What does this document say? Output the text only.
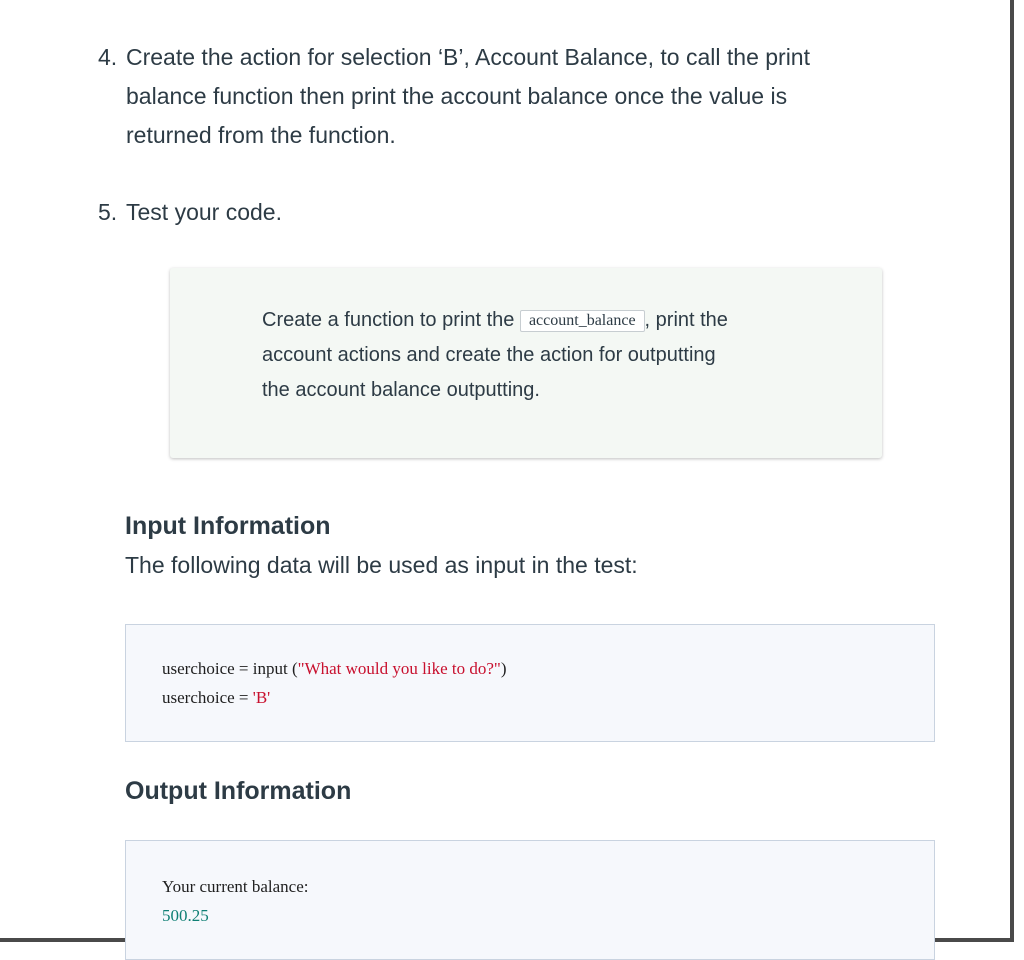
4. Create the action for selection ‘B’, Account Balance, to call the print
balance function then print the account balance once the value is
returned from the function.
5. Test your code.
Create a function to print the account_balance , print the
account actions and create the action for outputting
the account balance outputting.
Input Information

The following data will be used as input in the test:

userchoice = input ("What would you like to do?")
userchoice = 'B'
Output Information
Your current balance:
500.25
